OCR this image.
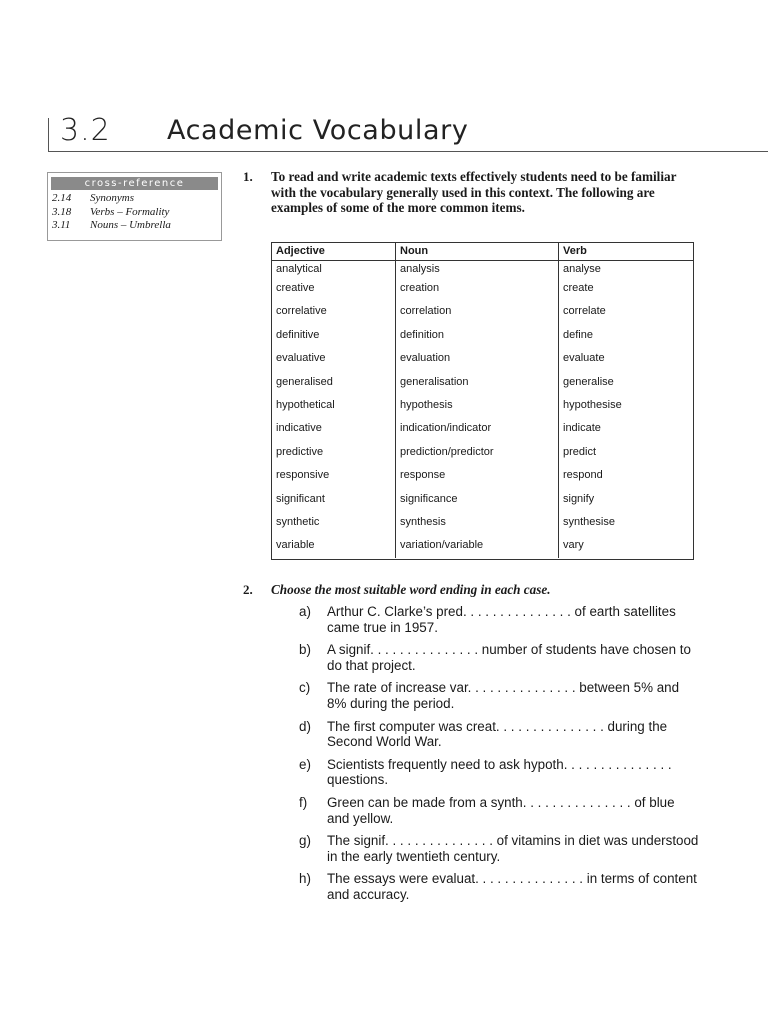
3.2 Academic Vocabulary
cross-reference
2.14	Synonyms
3.18	Verbs – Formality
3.11	Nouns – Umbrella
1. To read and write academic texts effectively students need to be familiar with the vocabulary generally used in this context. The following are examples of some of the more common items.
Adjective	Noun	Verb
analytical	analysis	analyse
creative	creation	create
correlative	correlation	correlate
definitive	definition	define
evaluative	evaluation	evaluate
generalised	generalisation	generalise
hypothetical	hypothesis	hypothesise
indicative	indication/indicator	indicate
predictive	prediction/predictor	predict
responsive	response	respond
significant	significance	signify
synthetic	synthesis	synthesise
variable	variation/variable	vary
2. Choose the most suitable word ending in each case.
a)	Arthur C. Clarke’s pred. . . . . . . . . . . . . . . of earth satellites came true in 1957.
b)	A signif. . . . . . . . . . . . . . . number of students have chosen to do that project.
c)	The rate of increase var. . . . . . . . . . . . . . . between 5% and 8% during the period.
d)	The first computer was creat. . . . . . . . . . . . . . . during the Second World War.
e)	Scientists frequently need to ask hypoth. . . . . . . . . . . . . . . questions.
f)	Green can be made from a synth. . . . . . . . . . . . . . . of blue and yellow.
g)	The signif. . . . . . . . . . . . . . . of vitamins in diet was understood in the early twentieth century.
h)	The essays were evaluat. . . . . . . . . . . . . . . in terms of content and accuracy.
